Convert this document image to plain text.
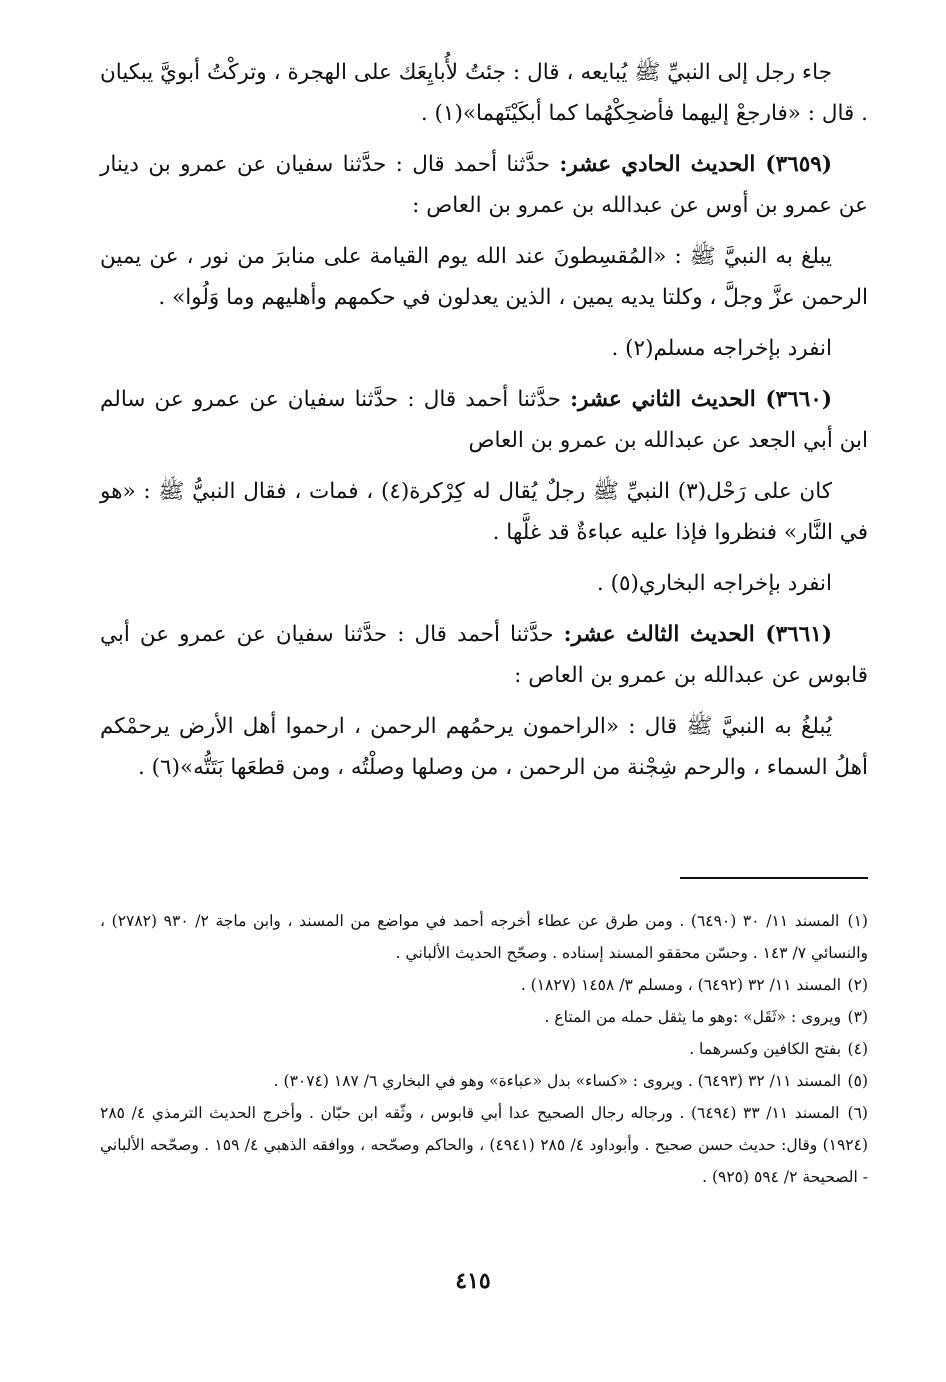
جاء رجل إلى النبيِّ ﷺ يُبايعه ، قال : جئتُ لأُبايِعَك على الهجرة ، وتركْتُ أبويَّ يبكيان . قال : «فارجعْ إليهما فأضحِكْهُما كما أبكَيْتَهما»(١) .

(٣٦٥٩) الحديث الحادي عشر: حدَّثنا أحمد قال : حدَّثنا سفيان عن عمرو بن دينار عن عمرو بن أوس عن عبدالله بن عمرو بن العاص :

يبلغ به النبيَّ ﷺ : «المُقسِطونَ عند الله يوم القيامة على منابرَ من نور ، عن يمين الرحمن عزَّ وجلَّ ، وكلتا يديه يمين ، الذين يعدلون في حكمهم وأهليهم وما وَلُوا» .

انفرد بإخراجه مسلم(٢) .

(٣٦٦٠) الحديث الثاني عشر: حدَّثنا أحمد قال : حدَّثنا سفيان عن عمرو عن سالم ابن أبي الجعد عن عبدالله بن عمرو بن العاص

كان على رَحْل(٣) النبيِّ ﷺ رجلٌ يُقال له كِرْكرة(٤) ، فمات ، فقال النبيُّ ﷺ : «هو في النَّار» فنظروا فإذا عليه عباءةٌ قد غلَّها .

انفرد بإخراجه البخاري(٥) .

(٣٦٦١) الحديث الثالث عشر: حدَّثنا أحمد قال : حدَّثنا سفيان عن عمرو عن أبي قابوس عن عبدالله بن عمرو بن العاص :

يُبلغُ به النبيَّ ﷺ قال : «الراحمون يرحمُهم الرحمن ، ارحموا أهل الأرض يرحمْكم أهلُ السماء ، والرحم شِجْنة من الرحمن ، من وصلها وصلْتُه ، ومن قطعَها بَتَتُّه»(٦) .

(١) المسند ١١/ ٣٠ (٦٤٩٠) . ومن طرق عن عطاء أخرجه أحمد في مواضع من المسند ، وابن ماجة ٢/ ٩٣٠ (٢٧٨٢) ، والنسائي ٧/ ١٤٣ . وحسّن محققو المسند إسناده . وصحّح الحديث الألباني .

(٢) المسند ١١/ ٣٢ (٦٤٩٢) ، ومسلم ٣/ ١٤٥٨ (١٨٢٧) .

(٣) ويروى : «ثَقَل» :وهو ما يثقل حمله من المتاع .

(٤) بفتح الكافين وكسرهما .

(٥) المسند ١١/ ٣٢ (٦٤٩٣) . ويروى : «كساء» بدل «عباءة» وهو في البخاري ٦/ ١٨٧ (٣٠٧٤) .

(٦) المسند ١١/ ٣٣ (٦٤٩٤) . ورجاله رجال الصحيح عدا أبي قابوس ، وثّقه ابن حبّان . وأخرج الحديث الترمذي ٤/ ٢٨٥ (١٩٢٤) وقال: حديث حسن صحيح . وأبوداود ٤/ ٢٨٥ (٤٩٤١) ، والحاكم وصحّحه ، ووافقه الذهبي ٤/ ١٥٩ . وصحّحه الألباني - الصحيحة ٢/ ٥٩٤ (٩٢٥) .

٤١٥
